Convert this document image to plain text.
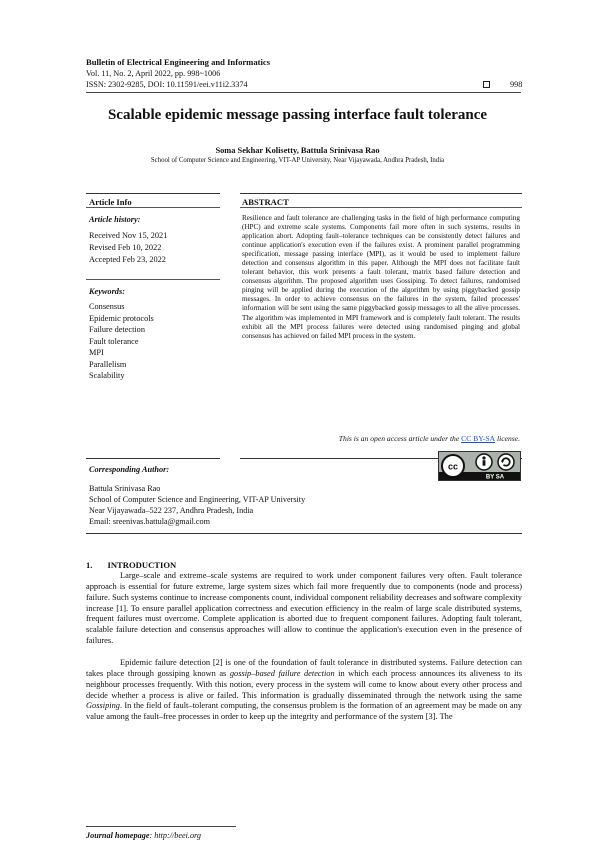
Bulletin of Electrical Engineering and Informatics
Vol. 11, No. 2, April 2022, pp. 998~1006
ISSN: 2302-9285, DOI: 10.11591/eei.v11i2.3374	998
Scalable epidemic message passing interface fault tolerance
Soma Sekhar Kolisetty, Battula Srinivasa Rao
School of Computer Science and Engineering, VIT-AP University, Near Vijayawada, Andhra Pradesh, India
Article Info	ABSTRACT
Article history:
Received Nov 15, 2021
Revised Feb 10, 2022
Accepted Feb 23, 2022
Keywords:
Consensus
Epidemic protocols
Failure detection
Fault tolerance
MPI
Parallelism
Scalability
Resilience and fault tolerance are challenging tasks in the field of high performance computing (HPC) and extreme scale systems. Components fail more often in such systems, results in application abort. Adopting fault–tolerance techniques can be consistently detect failures and continue application's execution even if the failures exist. A prominent parallel programming specification, message passing interface (MPI), as it would be used to implement failure detection and consensus algorithm in this paper. Although the MPI does not facilitate fault tolerant behavior, this work presents a fault tolerant, matrix based failure detection and consensus algorithm. The proposed algorithm uses Gossiping. To detect failures, randomised pinging will be applied during the execution of the algorithm by using piggybacked gossip messages. In order to achieve consensus on the failures in the system, failed processes' information will be sent using the same piggybacked gossip messages to all the alive processes. The algorithm was implemented in MPI framework and is completely fault tolerant. The results exhibit all the MPI process failures were detected using randomised pinging and global consensus has achieved on failed MPI process in the system.
This is an open access article under the CC BY-SA license.
cc
BY SA
Corresponding Author:
Battula Srinivasa Rao
School of Computer Science and Engineering, VIT-AP University
Near Vijayawada–522 237, Andhra Pradesh, India
Email: sreenivas.battula@gmail.com
1.       INTRODUCTION
Large–scale and extreme–scale systems are required to work under component failures very often. Fault tolerance approach is essential for future extreme, large system sizes which fail more frequently due to components (node and process) failure. Such systems continue to increase components count, individual component reliability decreases and software complexity increase [1]. To ensure parallel application correctness and execution efficiency in the realm of large scale distributed systems, frequent failures must overcome. Complete application is aborted due to frequent component failures. Adopting fault tolerant, scalable failure detection and consensus approaches will allow to continue the application's execution even in the presence of failures.
Epidemic failure detection [2] is one of the foundation of fault tolerance in distributed systems. Failure detection can takes place through gossiping known as gossip–based failure detection in which each process announces its aliveness to its neighbour processes frequently. With this notion, every process in the system will come to know about every other process and decide whether a process is alive or failed. This information is gradually disseminated through the network using the same Gossiping. In the field of fault–tolerant computing, the consensus problem is the formation of an agreement may be made on any value among the fault–free processes in order to keep up the integrity and performance of the system [3]. The
Journal homepage: http://beei.org
